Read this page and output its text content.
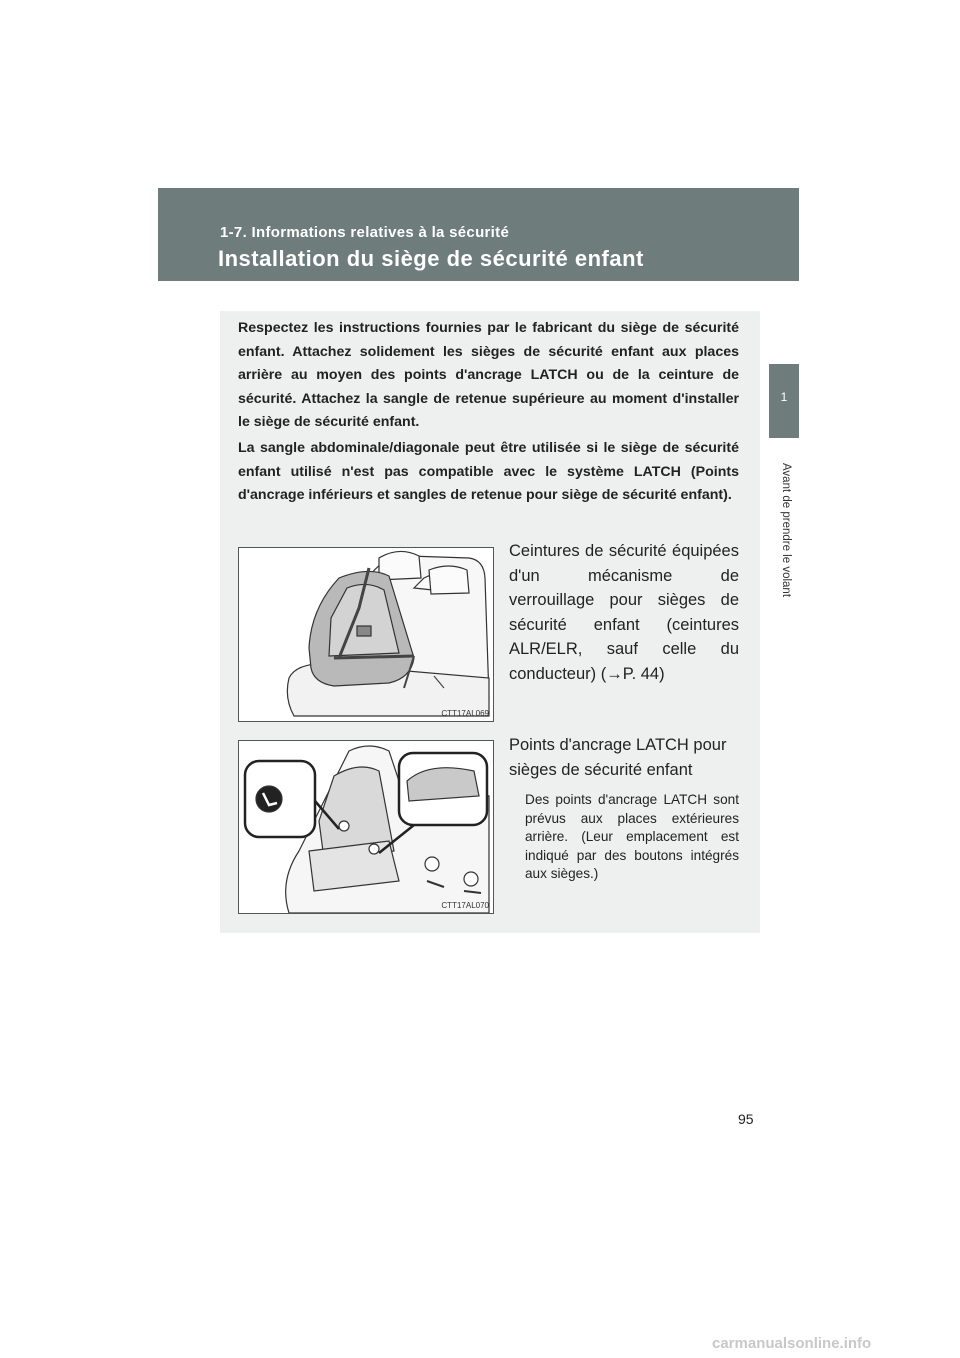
1-7. Informations relatives à la sécurité
Installation du siège de sécurité enfant
1
Avant de prendre le volant

Respectez les instructions fournies par le fabricant du siège de sécurité enfant. Attachez solidement les sièges de sécurité enfant aux places arrière au moyen des points d'ancrage LATCH ou de la ceinture de sécurité. Attachez la sangle de retenue supérieure au moment d'installer le siège de sécurité enfant.

La sangle abdominale/diagonale peut être utilisée si le siège de sécurité enfant utilisé n'est pas compatible avec le système LATCH (Points d'ancrage inférieurs et sangles de retenue pour siège de sécurité enfant).

CTT17AL069

Ceintures de sécurité équipées d'un mécanisme de verrouillage pour sièges de sécurité enfant (ceintures ALR/ELR, sauf celle du conducteur) (→P. 44)

CTT17AL070

Points d'ancrage LATCH pour sièges de sécurité enfant

Des points d'ancrage LATCH sont prévus aux places extérieures arrière. (Leur emplacement est indiqué par des boutons intégrés aux sièges.)

95
carmanualsonline.info
